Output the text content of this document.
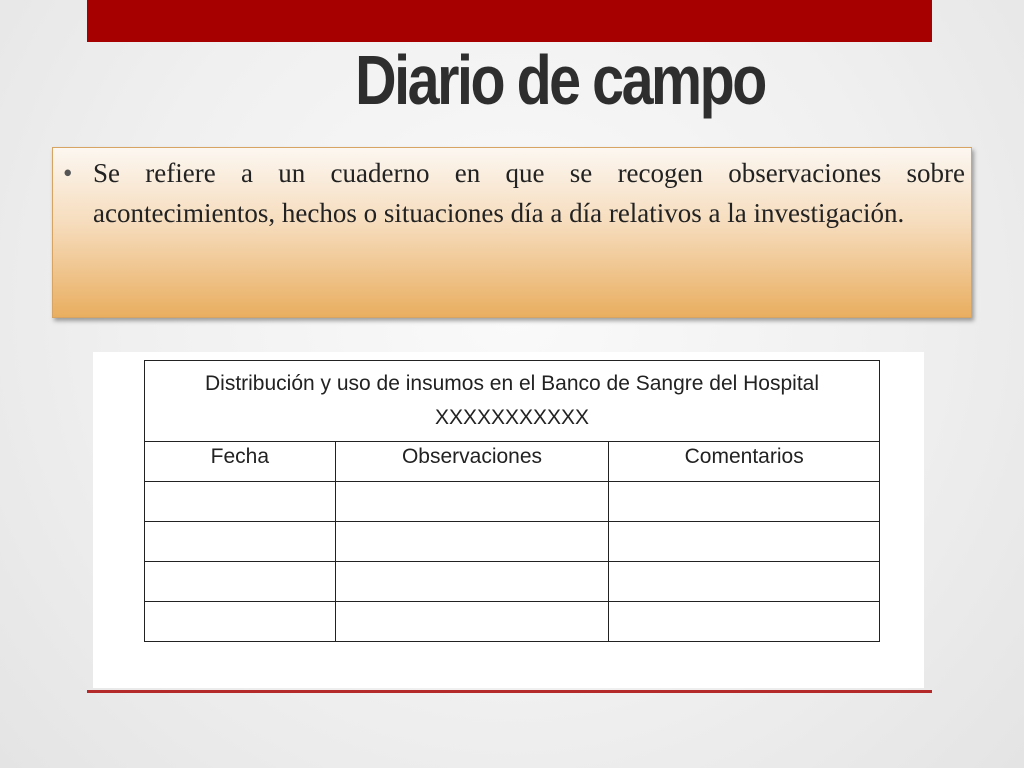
Diario de campo
• Se refiere a un cuaderno en que se recogen observaciones sobre acontecimientos, hechos o situaciones día a día relativos a la investigación.
Distribución y uso de insumos en el Banco de Sangre del Hospital
XXXXXXXXXXX		

Fecha	Observaciones	Comentarios
